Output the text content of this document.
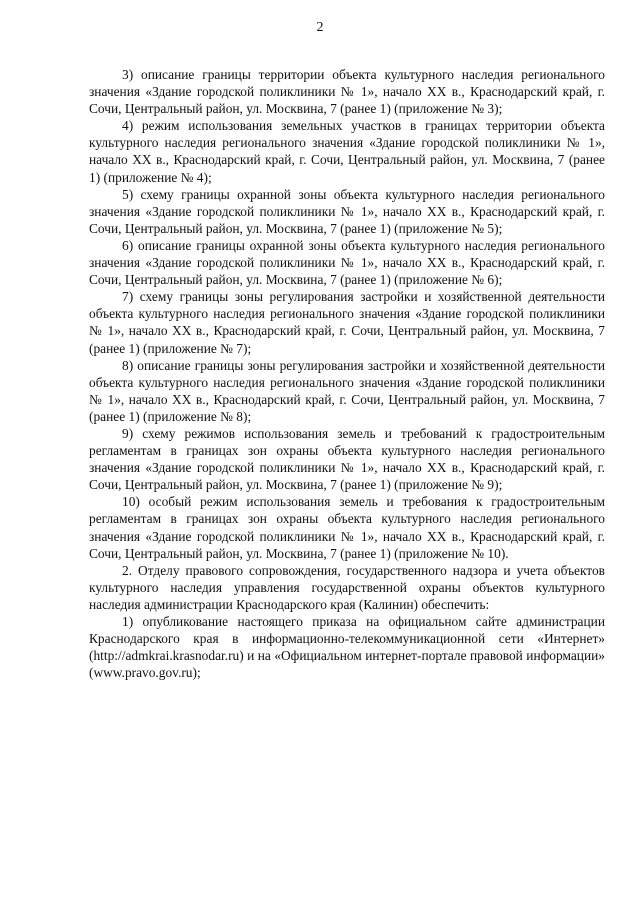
2

3) описание границы территории объекта культурного наследия регионального значения «Здание городской поликлиники № 1», начало XX в., Краснодарский край, г. Сочи, Центральный район, ул. Москвина, 7 (ранее 1) (приложение № 3);

4) режим использования земельных участков в границах территории объекта культурного наследия регионального значения «Здание городской поликлиники № 1», начало XX в., Краснодарский край, г. Сочи, Центральный район, ул. Москвина, 7 (ранее 1) (приложение № 4);

5) схему границы охранной зоны объекта культурного наследия регионального значения «Здание городской поликлиники № 1», начало XX в., Краснодарский край, г. Сочи, Центральный район, ул. Москвина, 7 (ранее 1) (приложение № 5);

6) описание границы охранной зоны объекта культурного наследия регионального значения «Здание городской поликлиники № 1», начало XX в., Краснодарский край, г. Сочи, Центральный район, ул. Москвина, 7 (ранее 1) (приложение № 6);

7) схему границы зоны регулирования застройки и хозяйственной деятельности объекта культурного наследия регионального значения «Здание городской поликлиники № 1», начало XX в., Краснодарский край, г. Сочи, Центральный район, ул. Москвина, 7 (ранее 1) (приложение № 7);

8) описание границы зоны регулирования застройки и хозяйственной деятельности объекта культурного наследия регионального значения «Здание городской поликлиники № 1», начало XX в., Краснодарский край, г. Сочи, Центральный район, ул. Москвина, 7 (ранее 1) (приложение № 8);

9) схему режимов использования земель и требований к градостроительным регламентам в границах зон охраны объекта культурного наследия регионального значения «Здание городской поликлиники № 1», начало XX в., Краснодарский край, г. Сочи, Центральный район, ул. Москвина, 7 (ранее 1) (приложение № 9);

10) особый режим использования земель и требования к градостроительным регламентам в границах зон охраны объекта культурного наследия регионального значения «Здание городской поликлиники № 1», начало XX в., Краснодарский край, г. Сочи, Центральный район, ул. Москвина, 7 (ранее 1) (приложение № 10).

2. Отделу правового сопровождения, государственного надзора и учета объектов культурного наследия управления государственной охраны объектов культурного наследия администрации Краснодарского края (Калинин) обеспечить:

1) опубликование настоящего приказа на официальном сайте администрации Краснодарского края в информационно-телекоммуникационной сети «Интернет» (http://admkrai.krasnodar.ru) и на «Официальном интернет-портале правовой информации» (www.pravo.gov.ru);
